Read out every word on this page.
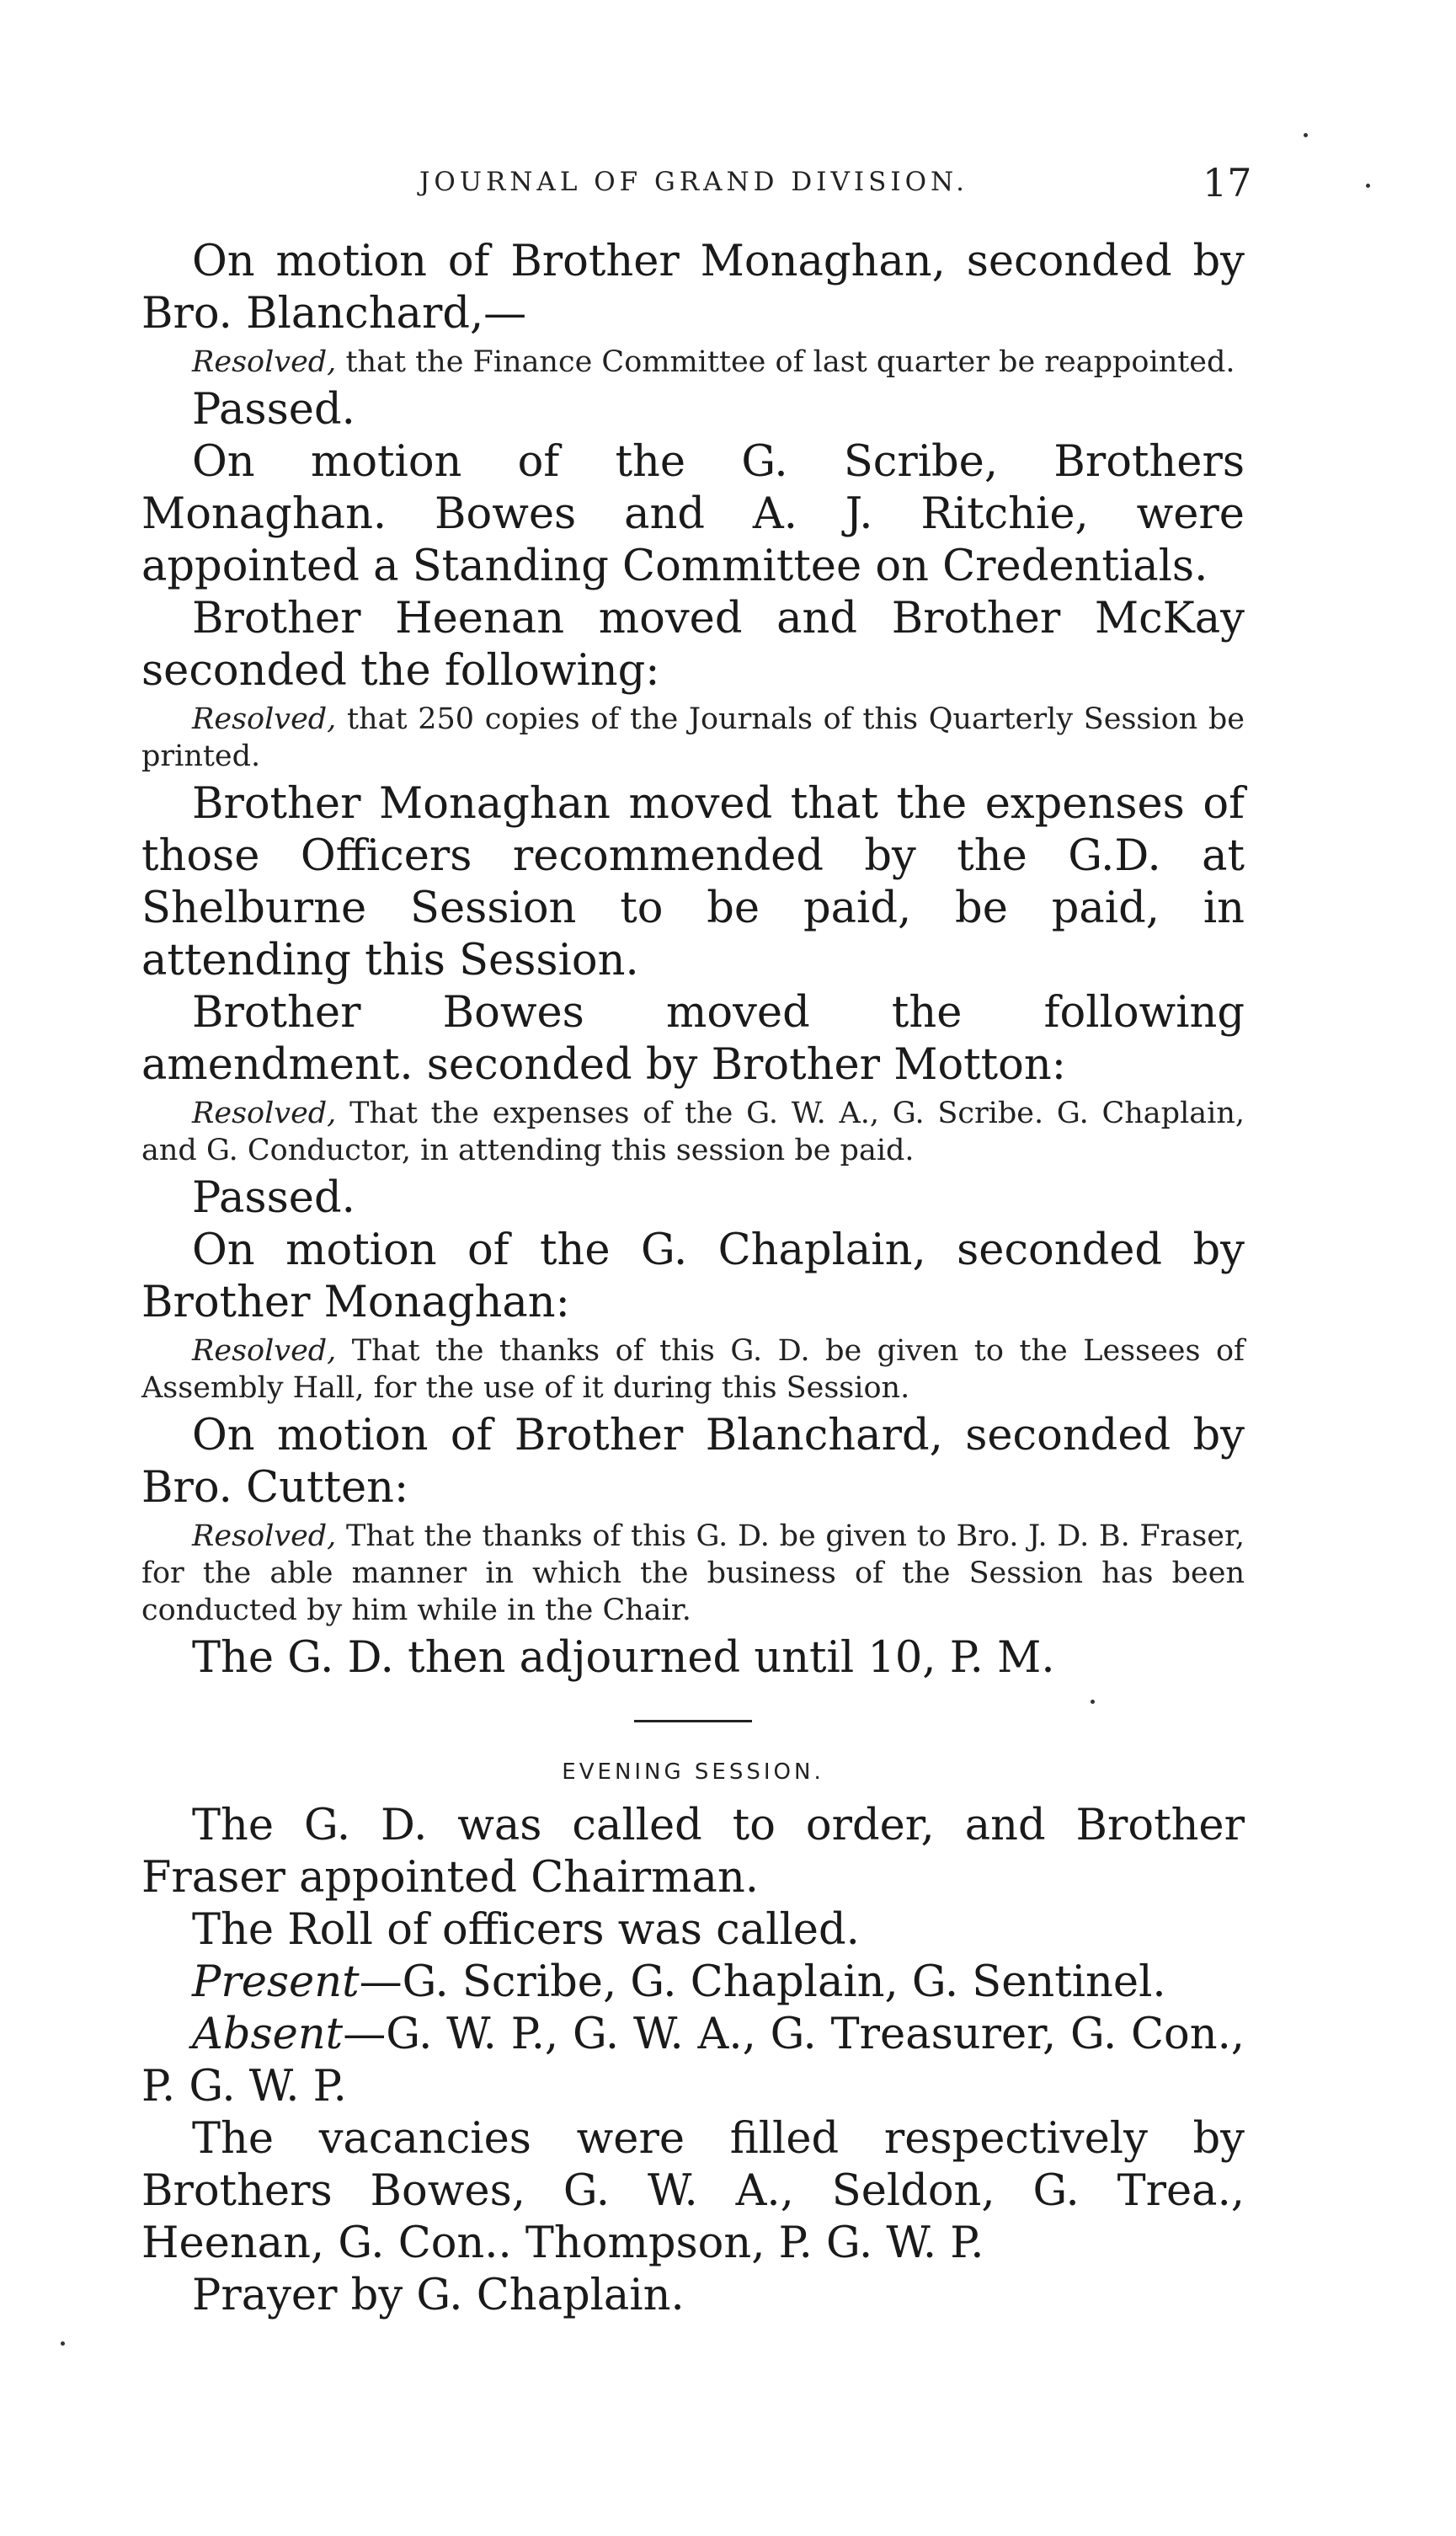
JOURNAL OF GRAND DIVISION.	17

On motion of Brother Monaghan, seconded by Bro. Blanchard,—

Resolved, that the Finance Committee of last quarter be reappointed.

Passed.

On motion of the G. Scribe, Brothers Monaghan. Bowes and A. J. Ritchie, were appointed a Standing Committee on Credentials.

Brother Heenan moved and Brother McKay seconded the following:

Resolved, that 250 copies of the Journals of this Quarterly Session be printed.

Brother Monaghan moved that the expenses of those Officers recommended by the G.D. at Shelburne Session to be paid, be paid, in attending this Session.

Brother Bowes moved the following amendment. seconded by Brother Motton:

Resolved, That the expenses of the G. W. A., G. Scribe. G. Chaplain, and G. Conductor, in attending this session be paid.

Passed.

On motion of the G. Chaplain, seconded by Brother Monaghan:

Resolved, That the thanks of this G. D. be given to the Lessees of Assembly Hall, for the use of it during this Session.

On motion of Brother Blanchard, seconded by Bro. Cutten:

Resolved, That the thanks of this G. D. be given to Bro. J. D. B. Fraser, for the able manner in which the business of the Session has been conducted by him while in the Chair.

The G. D. then adjourned until 10, P. M.

EVENING SESSION.

The G. D. was called to order, and Brother Fraser appointed Chairman.

The Roll of officers was called.

Present—G. Scribe, G. Chaplain, G. Sentinel.

Absent—G. W. P., G. W. A., G. Treasurer, G. Con., P. G. W. P.

The vacancies were filled respectively by Brothers Bowes, G. W. A., Seldon, G. Trea., Heenan, G. Con.. Thompson, P. G. W. P.

Prayer by G. Chaplain.
